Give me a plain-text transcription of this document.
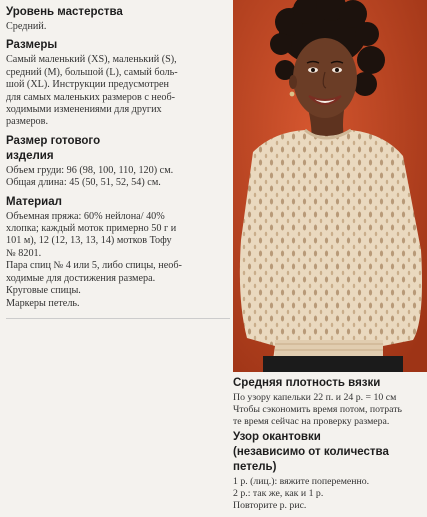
Уровень мастерства

Средний.

Размеры

Самый маленький (XS), маленький (S),

средний (M), большой (L), самый боль-

шой (XL). Инструкции предусмотрен

для самых маленьких размеров с необ-

ходимыми изменениями для других

размеров.

Размер готового

изделия

Объем груди: 96 (98, 100, 110, 120) см.

Общая длина: 45 (50, 51, 52, 54) см.

Материал

Объемная пряжа: 60% нейлона/ 40%

хлопка; каждый моток примерно 50 г и

101 м), 12 (12, 13, 13, 14) мотков Тофу

№ 8201.

Пара спиц № 4 или 5, либо спицы, необ-

ходимые для достижения размера.

Круговые спицы.

Маркеры петель.

Средняя плотность вязки

По узору капельки 22 п. и 24 р. = 10 см

Чтобы сэкономить время потом, потрать

те время сейчас на проверку размера.

Узор окантовки

(независимо от количества

петель)

1 р. (лиц.): вяжите попеременно.

2 р.: так же, как и 1 р.

Повторите р. рис.
